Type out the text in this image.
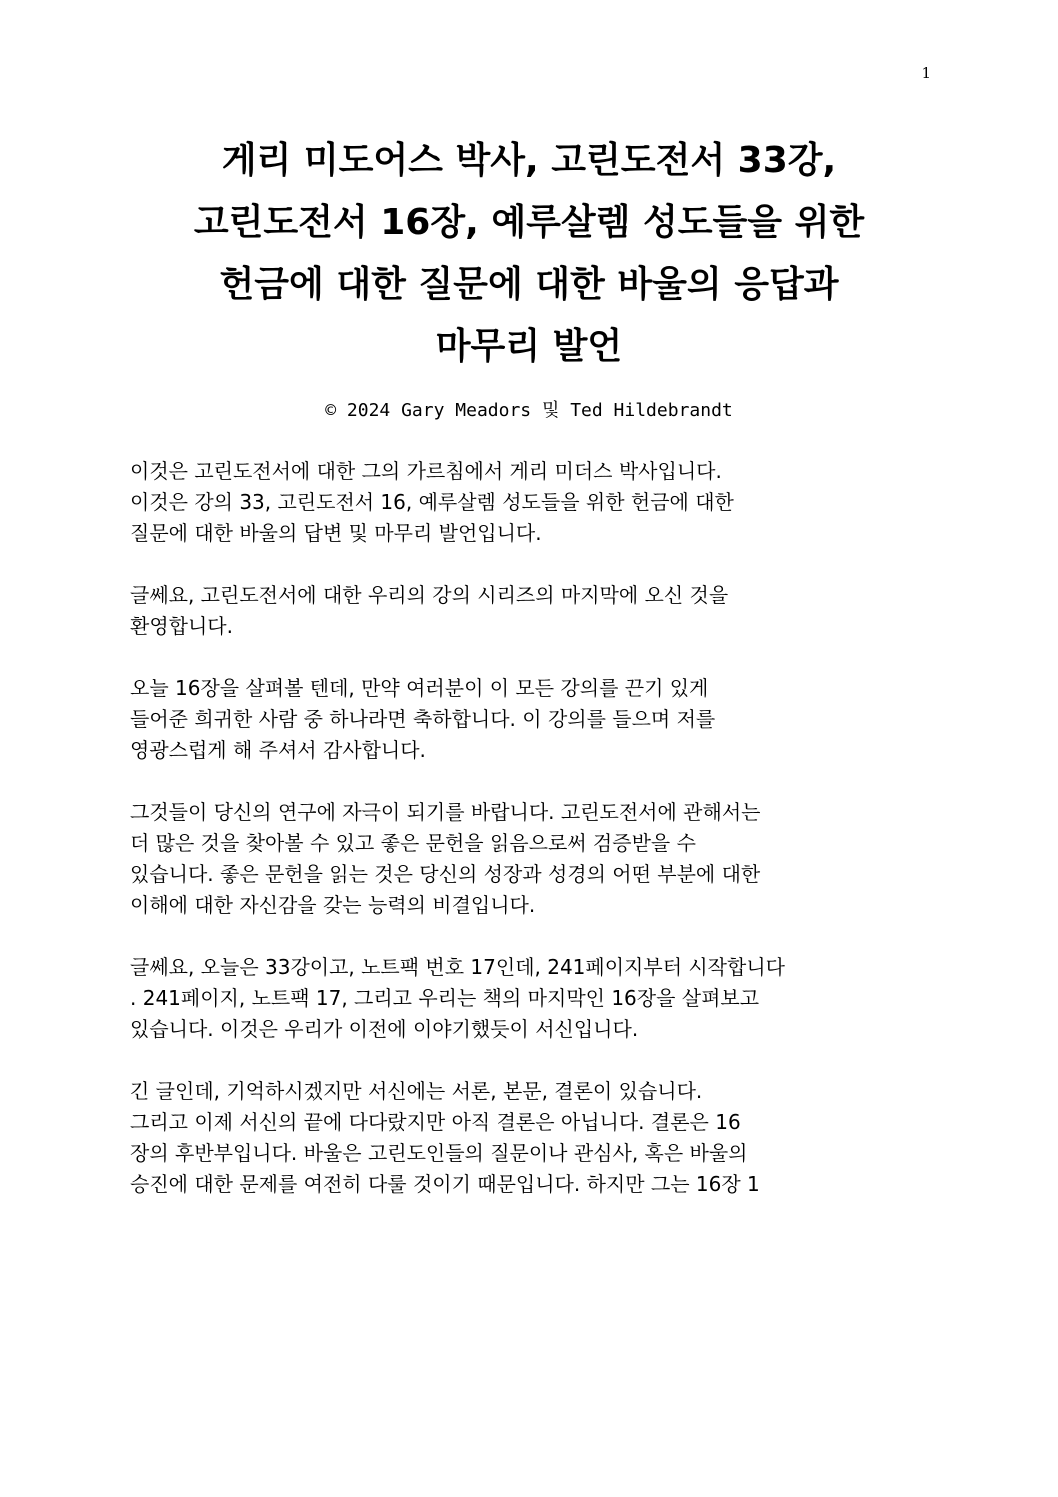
1
게리 미도어스 박사, 고린도전서 33강,
고린도전서 16장, 예루살렘 성도들을 위한
헌금에 대한 질문에 대한 바울의 응답과
마무리 발언
© 2024 Gary Meadors 및 Ted Hildebrandt

이것은 고린도전서에 대한 그의 가르침에서 게리 미더스 박사입니다.
이것은 강의 33, 고린도전서 16, 예루살렘 성도들을 위한 헌금에 대한
질문에 대한 바울의 답변 및 마무리 발언입니다.

글쎄요, 고린도전서에 대한 우리의 강의 시리즈의 마지막에 오신 것을
환영합니다.

오늘 16장을 살펴볼 텐데, 만약 여러분이 이 모든 강의를 끈기 있게
들어준 희귀한 사람 중 하나라면 축하합니다. 이 강의를 들으며 저를
영광스럽게 해 주셔서 감사합니다.

그것들이 당신의 연구에 자극이 되기를 바랍니다. 고린도전서에 관해서는
더 많은 것을 찾아볼 수 있고 좋은 문헌을 읽음으로써 검증받을 수
있습니다. 좋은 문헌을 읽는 것은 당신의 성장과 성경의 어떤 부분에 대한
이해에 대한 자신감을 갖는 능력의 비결입니다.

글쎄요, 오늘은 33강이고, 노트팩 번호 17인데, 241페이지부터 시작합니다
. 241페이지, 노트팩 17, 그리고 우리는 책의 마지막인 16장을 살펴보고
있습니다. 이것은 우리가 이전에 이야기했듯이 서신입니다.

긴 글인데, 기억하시겠지만 서신에는 서론, 본문, 결론이 있습니다.
그리고 이제 서신의 끝에 다다랐지만 아직 결론은 아닙니다. 결론은 16
장의 후반부입니다. 바울은 고린도인들의 질문이나 관심사, 혹은 바울의
승진에 대한 문제를 여전히 다룰 것이기 때문입니다. 하지만 그는 16장 1
